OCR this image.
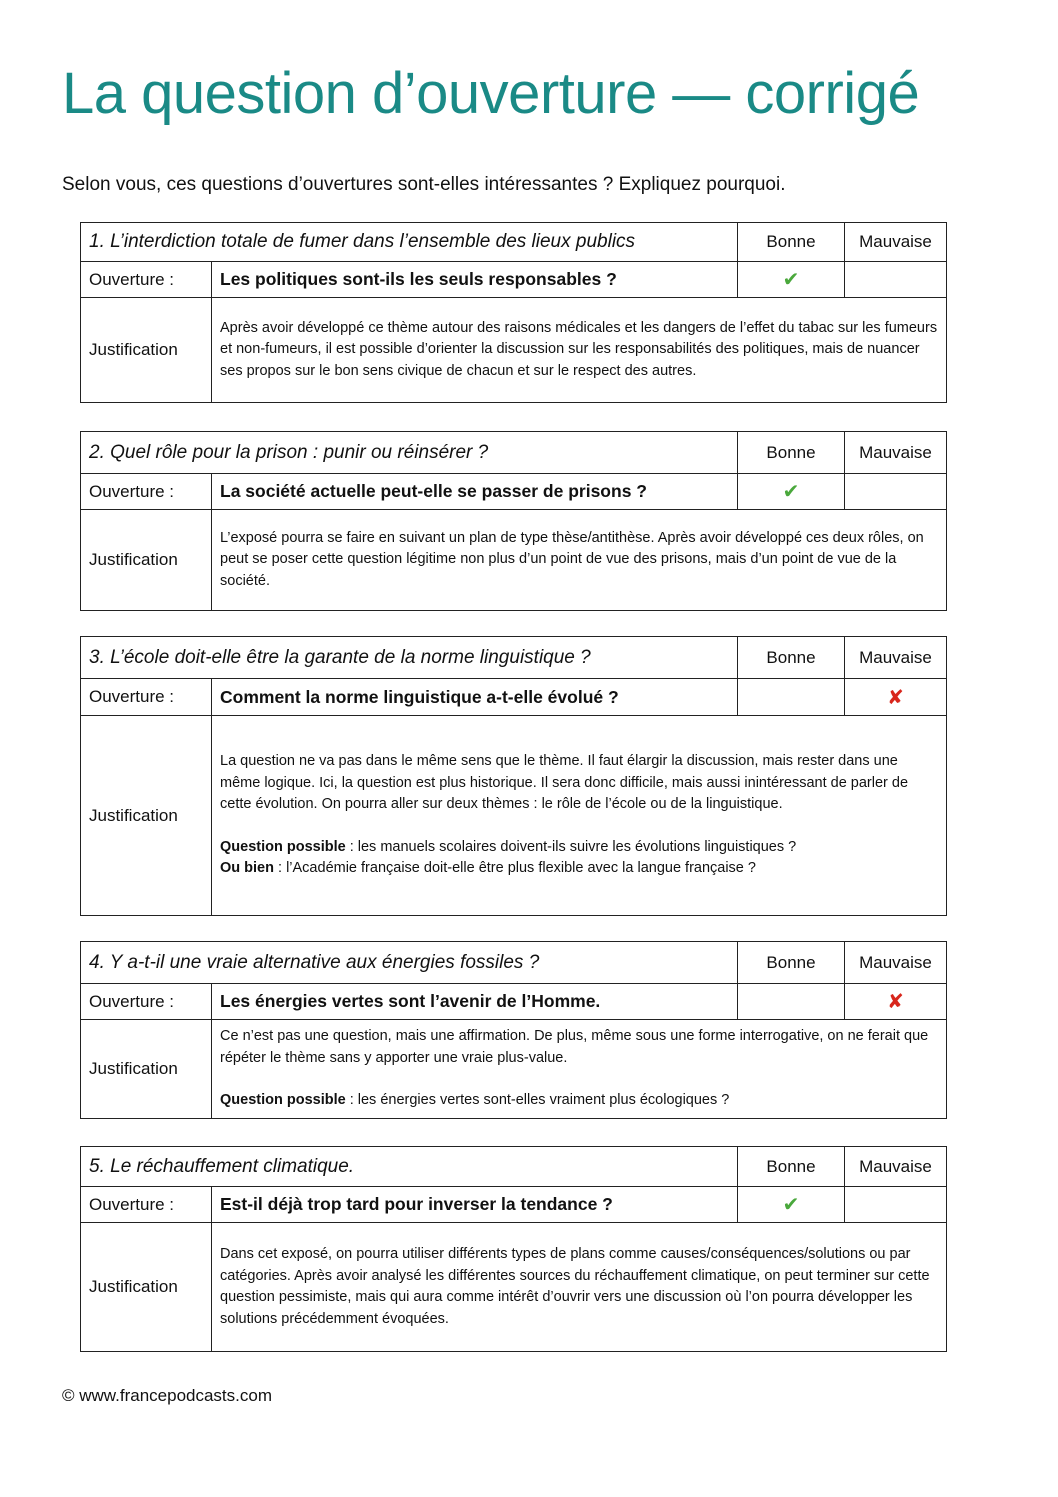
La question d’ouverture — corrigé
Selon vous, ces questions d’ouvertures sont-elles intéressantes ? Expliquez pourquoi.
1. L’interdiction totale de fumer dans l’ensemble des lieux publics		Bonne	Mauvaise
Ouverture :	Les politiques sont-ils les seuls responsables ?	✔	
Justification	Après avoir développé ce thème autour des raisons médicales et les dangers de l’effet du tabac sur les fumeurs et non-fumeurs, il est possible d’orienter la discussion sur les responsabilités des politiques, mais de nuancer ses propos sur le bon sens civique de chacun et sur le respect des autres.		

2. Quel rôle pour la prison : punir ou réinsérer ?		Bonne	Mauvaise
Ouverture :	La société actuelle peut-elle se passer de prisons ?	✔	
Justification	L’exposé pourra se faire en suivant un plan de type thèse/antithèse. Après avoir développé ces deux rôles, on peut se poser cette question légitime non plus d’un point de vue des prisons, mais d’un point de vue de la société.		

3. L’école doit-elle être la garante de la norme linguistique ?		Bonne	Mauvaise
Ouverture :	Comment la norme linguistique a-t-elle évolué ?		✘
Justification	La question ne va pas dans le même sens que le thème. Il faut élargir la discussion, mais rester dans une même logique. Ici, la question est plus historique. Il sera donc difficile, mais aussi inintéressant de parler de cette évolution. On pourra aller sur deux thèmes : le rôle de l’école ou de la linguistique.

Question possible : les manuels scolaires doivent-ils suivre les évolutions linguistiques ?
Ou bien : l’Académie française doit-elle être plus flexible avec la langue française ?		

4. Y a-t-il une vraie alternative aux énergies fossiles ?		Bonne	Mauvaise
Ouverture :	Les énergies vertes sont l’avenir de l’Homme.		✘
Justification	Ce n’est pas une question, mais une affirmation. De plus, même sous une forme interrogative, on ne ferait que répéter le thème sans y apporter une vraie plus-value.

Question possible : les énergies vertes sont-elles vraiment plus écologiques ?		

5. Le réchauffement climatique.		Bonne	Mauvaise
Ouverture :	Est-il déjà trop tard pour inverser la tendance ?	✔	
Justification	Dans cet exposé, on pourra utiliser différents types de plans comme causes/conséquences/solutions ou par catégories. Après avoir analysé les différentes sources du réchauffement climatique, on peut terminer sur cette question pessimiste, mais qui aura comme intérêt d’ouvrir vers une discussion où l’on pourra développer les solutions précédemment évoquées.		

© www.francepodcasts.com
